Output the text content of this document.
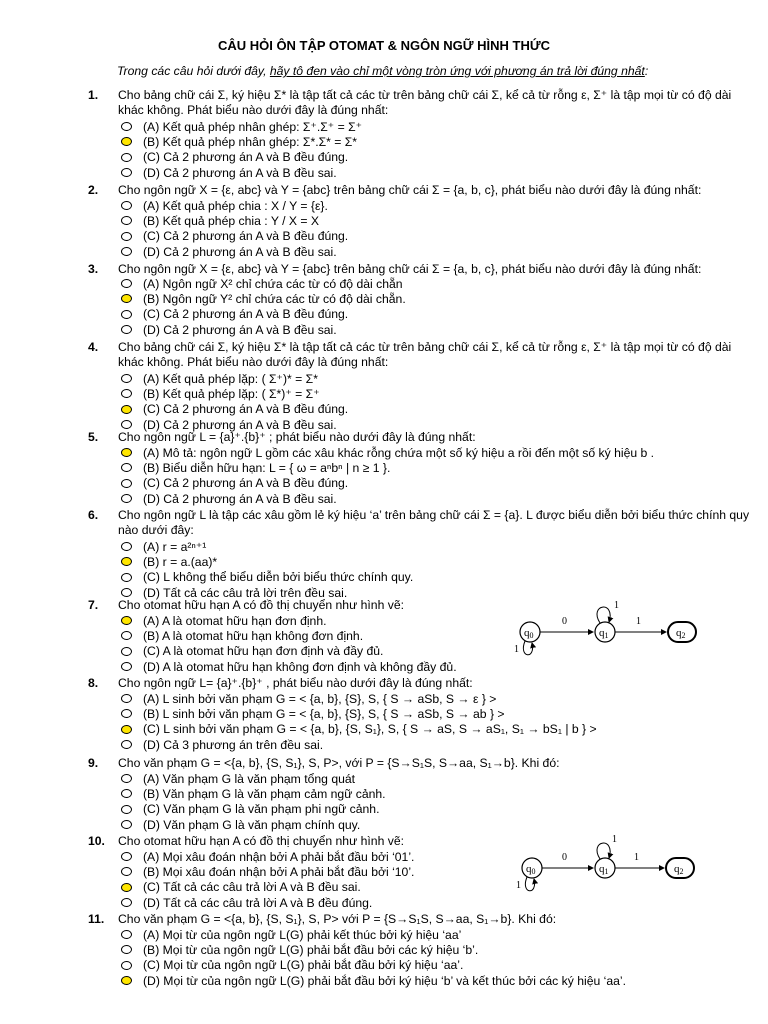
CÂU HỎI ÔN TẬP OTOMAT & NGÔN NGỮ HÌNH THỨC
Trong các câu hỏi dưới đây, hãy tô đen vào chỉ một vòng tròn ứng với phương án trả lời đúng nhất:
1. Cho bảng chữ cái Σ, ký hiệu Σ* là tập tất cả các từ trên bảng chữ cái Σ, kể cả từ rỗng ε, Σ⁺ là tập mọi từ có độ dài khác không. Phát biểu nào dưới đây là đúng nhất:
2. Cho ngôn ngữ X = {ε, abc} và Y = {abc} trên bảng chữ cái Σ = {a, b, c}, phát biểu nào dưới đây là đúng nhất:
3. Cho ngôn ngữ X = {ε, abc} và Y = {abc} trên bảng chữ cái Σ = {a, b, c}, phát biểu nào dưới đây là đúng nhất:
4. Cho bảng chữ cái Σ, ký hiệu Σ* là tập tất cả các từ trên bảng chữ cái Σ, kể cả từ rỗng ε, Σ⁺ là tập mọi từ có độ dài khác không. Phát biểu nào dưới đây là đúng nhất:
5. Cho ngôn ngữ L = {a}⁺.{b}⁺ ; phát biểu nào dưới đây là đúng nhất:
6. Cho ngôn ngữ L là tập các xâu gồm lẻ ký hiệu ‘a’ trên bảng chữ cái Σ = {a}. L được biểu diễn bởi biểu thức chính quy nào dưới đây:
7. Cho otomat hữu hạn A có đồ thị chuyển như hình vẽ:
8. Cho ngôn ngữ L= {a}⁺.{b}⁺ , phát biểu nào dưới đây là đúng nhất:
9. Cho văn phạm G = <{a, b}, {S, S₁}, S, P>, với P = {S→S₁S, S→aa, S₁→b}. Khi đó:
10. Cho otomat hữu hạn A có đồ thị chuyển như hình vẽ:
11. Cho văn phạm G = <{a, b}, {S, S₁}, S, P> với P = {S→S₁S, S→aa, S₁→b}. Khi đó:
q0	q1	q2
0	1
1
1
q0	q1	q2
0	1
1
1
(A) Kết quả phép nhân ghép: Σ⁺.Σ⁺ = Σ⁺
(B) Kết quả phép nhân ghép: Σ*.Σ* = Σ*
(C) Cả 2 phương án A và B đều đúng.
(D) Cả 2 phương án A và B đều sai.
(A) Kết quả phép chia : X / Y = {ε}.
(B) Kết quả phép chia : Y / X = X
(C) Cả 2 phương án A và B đều đúng.
(D) Cả 2 phương án A và B đều sai.
(A) Ngôn ngữ X² chỉ chứa các từ có độ dài chẵn
(B) Ngôn ngữ Y² chỉ chứa các từ có độ dài chẵn.
(C) Cả 2 phương án A và B đều đúng.
(D) Cả 2 phương án A và B đều sai.
(A) Kết quả phép lặp: ( Σ⁺)* = Σ*
(B) Kết quả phép lặp: ( Σ*)⁺ = Σ⁺
(C) Cả 2 phương án A và B đều đúng.
(D) Cả 2 phương án A và B đều sai.
(A) Mô tả: ngôn ngữ L gồm các xâu khác rỗng chứa một số ký hiệu a rồi đến một số ký hiệu b .
(B) Biểu diễn hữu hạn: L = { ω = aⁿbⁿ | n ≥ 1 }.
(C) Cả 2 phương án A và B đều đúng.
(D) Cả 2 phương án A và B đều sai.
(A) r = a²ⁿ⁺¹
(B) r = a.(aa)*
(C) L không thể biểu diễn bởi biểu thức chính quy.
(D) Tất cả các câu trả lời trên đều sai.
(A) A là otomat hữu hạn đơn định.
(B) A là otomat hữu hạn không đơn định.
(C) A là otomat hữu hạn đơn định và đầy đủ.
(D) A là otomat hữu hạn không đơn định và không đầy đủ.
(A) L sinh bởi văn phạm G = < {a, b}, {S}, S, { S → aSb, S → ε } >
(B) L sinh bởi văn phạm G = < {a, b}, {S}, S, { S → aSb, S → ab } >
(C) L sinh bởi văn phạm G = < {a, b}, {S, S₁}, S, { S → aS, S → aS₁, S₁ → bS₁ | b } >
(D) Cả 3 phương án trên đều sai.
(A) Văn phạm G là văn phạm tổng quát
(B) Văn phạm G là văn phạm cảm ngữ cảnh.
(C) Văn phạm G là văn phạm phi ngữ cảnh.
(D) Văn phạm G là văn phạm chính quy.
(A) Mọi xâu đoán nhận bởi A phải bắt đầu bởi ‘01’.
(B) Mọi xâu đoán nhận bởi A phải bắt đầu bởi ‘10’.
(C) Tất cả các câu trả lời A và B đều sai.
(D) Tất cả các câu trả lời A và B đều đúng.
(A) Mọi từ của ngôn ngữ L(G) phải kết thúc bởi ký hiệu ‘aa’
(B) Mọi từ của ngôn ngữ L(G) phải bắt đầu bởi các ký hiệu ‘b’.
(C) Mọi từ của ngôn ngữ L(G) phải bắt đầu bởi ký hiệu ‘aa’.
(D) Mọi từ của ngôn ngữ L(G) phải bắt đầu bởi ký hiệu ‘b’ và kết thúc bởi các ký hiệu ‘aa’.
